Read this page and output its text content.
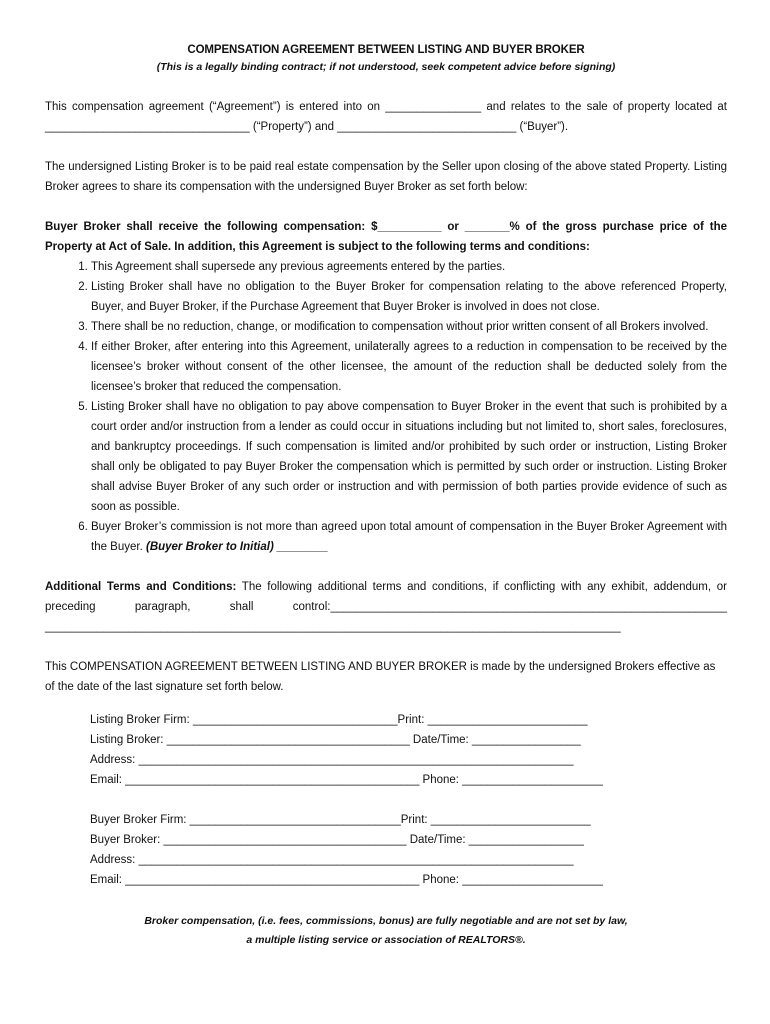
COMPENSATION AGREEMENT BETWEEN LISTING AND BUYER BROKER
(This is a legally binding contract; if not understood, seek competent advice before signing)

This compensation agreement (“Agreement”) is entered into on _______________ and relates to the sale of property located at ________________________________ (“Property”) and ____________________________ (“Buyer”).

The undersigned Listing Broker is to be paid real estate compensation by the Seller upon closing of the above stated Property. Listing Broker agrees to share its compensation with the undersigned Buyer Broker as set forth below:

Buyer Broker shall receive the following compensation: $__________ or _______% of the gross purchase price of the Property at Act of Sale. In addition, this Agreement is subject to the following terms and conditions:

1. This Agreement shall supersede any previous agreements entered by the parties.
2. Listing Broker shall have no obligation to the Buyer Broker for compensation relating to the above referenced Property, Buyer, and Buyer Broker, if the Purchase Agreement that Buyer Broker is involved in does not close.
3. There shall be no reduction, change, or modification to compensation without prior written consent of all Brokers involved.
4. If either Broker, after entering into this Agreement, unilaterally agrees to a reduction in compensation to be received by the licensee’s broker without consent of the other licensee, the amount of the reduction shall be deducted solely from the licensee’s broker that reduced the compensation.
5. Listing Broker shall have no obligation to pay above compensation to Buyer Broker in the event that such is prohibited by a court order and/or instruction from a lender as could occur in situations including but not limited to, short sales, foreclosures, and bankruptcy proceedings. If such compensation is limited and/or prohibited by such order or instruction, Listing Broker shall only be obligated to pay Buyer Broker the compensation which is permitted by such order or instruction. Listing Broker shall advise Buyer Broker of any such order or instruction and with permission of both parties provide evidence of such as soon as possible.
6. Buyer Broker’s commission is not more than agreed upon total amount of compensation in the Buyer Broker Agreement with the Buyer. (Buyer Broker to Initial) ________

Additional Terms and Conditions: The following additional terms and conditions, if conflicting with any exhibit, addendum, or preceding paragraph, shall control:______________________________________________________________ __________________________________________________________________________________________

This COMPENSATION AGREEMENT BETWEEN LISTING AND BUYER BROKER is made by the undersigned Brokers effective as of the date of the last signature set forth below.

Listing Broker Firm: ________________________________Print: _________________________
Listing Broker: ______________________________________ Date/Time: _________________
Address: ____________________________________________________________________
Email: ______________________________________________ Phone: ______________________
Buyer Broker Firm: _________________________________Print: _________________________
Buyer Broker: ______________________________________ Date/Time: __________________
Address: ____________________________________________________________________
Email: ______________________________________________ Phone: ______________________
Broker compensation, (i.e. fees, commissions, bonus) are fully negotiable and are not set by law,
a multiple listing service or association of REALTORS®.
